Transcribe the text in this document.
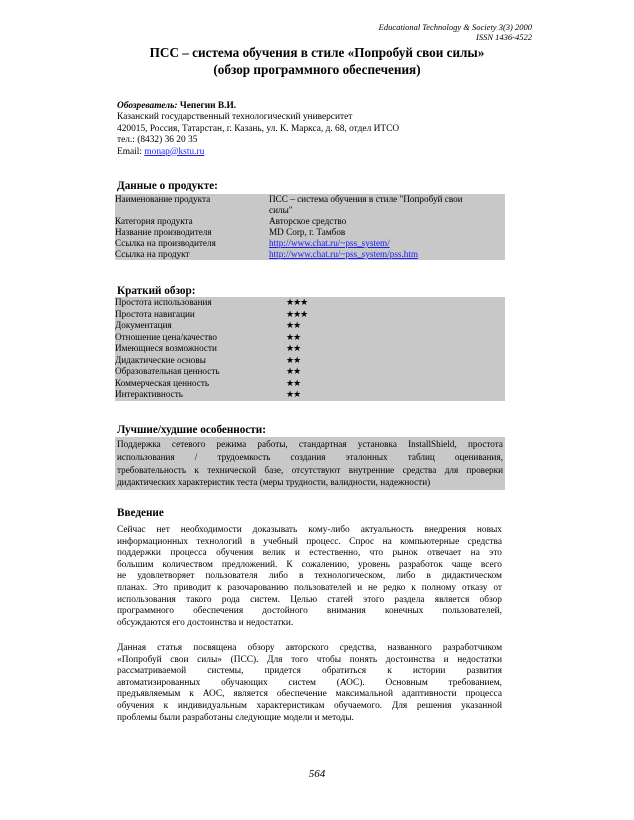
Educational Technology & Society 3(3) 2000
ISSN 1436-4522
ПСС – система обучения в стиле «Попробуй свои силы»
(обзор программного обеспечения)
Обозреватель: Чепегин В.И.
Казанский государственный технологический университет
420015, Россия, Татарстан, г. Казань, ул. К. Маркса, д. 68, отдел ИТСО
тел.: (8432) 36 20 35
Email: monap@kstu.ru
Данные о продукте:
Наименование продукта	ПСС – система обучения в стиле "Попробуй свои
силы"
Категория продукта	Авторское средство
Название производителя	MD Corp, г. Тамбов
Ссылка на производителя	http://www.chat.ru/~pss_system/
Ссылка на продукт	http://www.chat.ru/~pss_system/pss.htm
Краткий обзор:
Простота использования	★★★
Простота навигации	★★★
Документация	★★
Отношение цена/качество	★★
Имеющиеся возможности	★★
Дидактические основы	★★
Образовательная ценность	★★
Коммерческая ценность	★★
Интерактивность	★★
Лучшие/худшие особенности:
Поддержка сетевого режима работы, стандартная установка InstallShield, простота
использования / трудоемкость создания эталонных таблиц оценивания,
требовательность к технической базе, отсутствуют внутренние средства для проверки
дидактических характеристик теста (меры трудности, валидности, надежности)
Введение
Сейчас нет необходимости доказывать кому-либо актуальность внедрения новых
информационных технологий в учебный процесс. Спрос на компьютерные средства
поддержки процесса обучения велик и естественно, что рынок отвечает на это
большим количеством предложений. К сожалению, уровень разработок чаще всего
не удовлетворяет пользователя либо в технологическом, либо в дидактическом
планах. Это приводит к разочарованию пользователей и не редко к полному отказу от
использования такого рода систем. Целью статей этого раздела является обзор
программного обеспечения достойного внимания конечных пользователей,
обсуждаются его достоинства и недостатки.
Данная статья посвящена обзору авторского средства, названного разработчиком
«Попробуй свои силы» (ПСС). Для того чтобы понять достоинства и недостатки
рассматриваемой системы, придется обратиться к истории развития
автоматизированных обучающих систем (АОС). Основным требованием,
предъявляемым к АОС, является обеспечение максимальной адаптивности процесса
обучения к индивидуальным характеристикам обучаемого. Для решения указанной
проблемы были разработаны следующие модели и методы.
564
